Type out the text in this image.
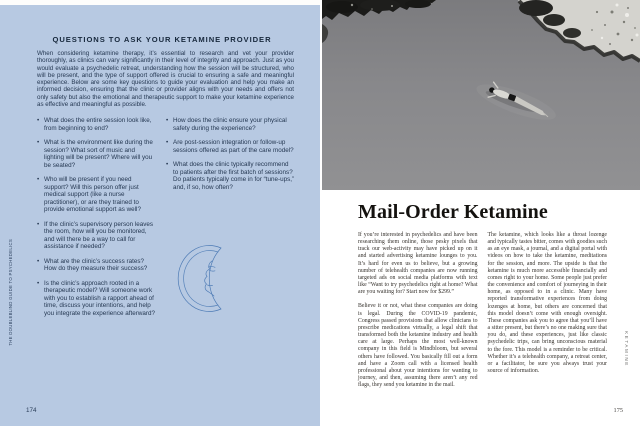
QUESTIONS TO ASK YOUR KETAMINE PROVIDER

When considering ketamine therapy, it’s essential to research and vet your provider thoroughly, as clinics can vary significantly in their level of integrity and approach. Just as you would evaluate a psychedelic retreat, understanding how the session will be structured, who will be present, and the type of support offered is crucial to ensuring a safe and meaningful experience. Below are some key questions to guide your evaluation and help you make an informed decision, ensuring that the clinic or provider aligns with your needs and offers not only safety but also the emotional and therapeutic support to make your ketamine experience as effective and meaningful as possible.

• What does the entire session look like, from beginning to end?
• What is the environment like during the session? What sort of music and lighting will be present? Where will you be seated?
• Who will be present if you need support? Will this person offer just medical support (like a nurse practitioner), or are they trained to provide emotional support as well?
• If the clinic’s supervisory person leaves the room, how will you be monitored, and will there be a way to call for assistance if needed?
• What are the clinic’s success rates? How do they measure their success?
• Is the clinic’s approach rooted in a therapeutic model? Will someone work with you to establish a rapport ahead of time, discuss your intentions, and help you integrate the experience afterward?
• How does the clinic ensure your physical safety during the experience?
• Are post-session integration or follow-up sessions offered as part of the care model?
• What does the clinic typically recommend to patients after the first batch of sessions? Do patients typically come in for “tune-ups,” and, if so, how often?
THE DOUBLEBLIND GUIDE TO PSYCHEDELICS
174
Mail-Order Ketamine

If you’re interested in psychedelics and have been researching them online, those pesky pixels that track our web-activity may have picked up on it and started advertising ketamine lounges to you. It’s hard for even us to believe, but a growing number of telehealth companies are now running targeted ads on social media platforms with text like “Want to try psychedelics right at home? What are you waiting for? Start now for $299.”

Believe it or not, what these companies are doing is legal. During the COVID-19 pandemic, Congress passed provisions that allow clinicians to prescribe medications virtually, a legal shift that transformed both the ketamine industry and health care at large. Perhaps the most well-known company in this field is Mindbloom, but several others have followed. You basically fill out a form and have a Zoom call with a licensed health professional about your intentions for wanting to journey, and then, assuming there aren’t any red flags, they send you ketamine in the mail.

The ketamine, which looks like a throat lozenge and typically tastes bitter, comes with goodies such as an eye mask, a journal, and a digital portal with videos on how to take the ketamine, meditations for the session, and more. The upside is that the ketamine is much more accessible financially and comes right to your home. Some people just prefer the convenience and comfort of journeying in their home, as opposed to in a clinic. Many have reported transformative experiences from doing lozenges at home, but others are concerned that this model doesn’t come with enough oversight. These companies ask you to agree that you’ll have a sitter present, but there’s no one making sure that you do, and these experiences, just like classic psychedelic trips, can bring unconscious material to the fore. This model is a reminder to be critical. Whether it’s a telehealth company, a retreat center, or a facilitator, be sure you always trust your source of information.

KETAMINE
175
